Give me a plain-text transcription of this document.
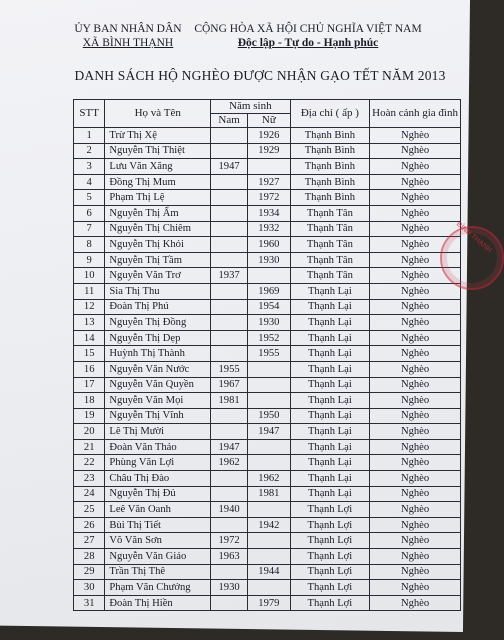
ỦY BAN NHÂN DÂN
XÃ BÌNH THẠNH
CỘNG HÒA XÃ HỘI CHỦ NGHĨA VIỆT NAM
Độc lập - Tự do - Hạnh phúc
DANH SÁCH HỘ NGHÈO ĐƯỢC NHẬN GẠO TẾT NĂM 2013
STT	Họ và Tên	Năm sinh		Địa chỉ ( ấp )	Hoàn cảnh gia đình
		Nam	Nữ		
1	Trừ Thị Xệ		1926	Thạnh Bình	Nghèo
2	Nguyễn Thị Thiệt		1929	Thạnh Bình	Nghèo
3	Lưu Văn Xăng	1947		Thạnh Bình	Nghèo
4	Đồng Thị Mum		1927	Thạnh Bình	Nghèo
5	Phạm Thị Lệ		1972	Thạnh Bình	Nghèo
6	Nguyễn Thị Ẩm		1934	Thạnh Tân	Nghèo
7	Nguyễn Thị Chiêm		1932	Thạnh Tân	Nghèo
8	Nguyễn Thị Khỏi		1960	Thạnh Tân	Nghèo
9	Nguyễn Thị Tầm		1930	Thạnh Tân	Nghèo
10	Nguyễn Văn Trơ	1937		Thạnh Tân	Nghèo
11	Sia Thị Thu		1969	Thạnh Lại	Nghèo
12	Đoàn Thị Phú		1954	Thạnh Lại	Nghèo
13	Nguyễn Thị Đồng		1930	Thạnh Lại	Nghèo
14	Nguyễn Thị Dẹp		1952	Thạnh Lại	Nghèo
15	Huỳnh Thị Thành		1955	Thạnh Lại	Nghèo
16	Nguyễn Văn Nước	1955		Thạnh Lại	Nghèo
17	Nguyễn Văn Quyền	1967		Thạnh Lại	Nghèo
18	Nguyễn Văn Mọi	1981		Thạnh Lại	Nghèo
19	Nguyễn Thị Vĩnh		1950	Thạnh Lại	Nghèo
20	Lê Thị Mười		1947	Thạnh Lại	Nghèo
21	Đoàn Văn Thảo	1947		Thạnh Lại	Nghèo
22	Phùng Văn Lợi	1962		Thạnh Lại	Nghèo
23	Châu Thị Đào		1962	Thạnh Lại	Nghèo
24	Nguyễn Thị Đủ		1981	Thạnh Lại	Nghèo
25	Leê Văn Oanh	1940		Thạnh Lợi	Nghèo
26	Bùi Thị Tiết		1942	Thạnh Lợi	Nghèo
27	Võ Văn Sơn	1972		Thạnh Lợi	Nghèo
28	Nguyễn Văn Giáo	1963		Thạnh Lợi	Nghèo
29	Trần Thị Thê		1944	Thạnh Lợi	Nghèo
30	Phạm Văn Chưởng	1930		Thạnh Lợi	Nghèo
31	Đoàn Thị Hiền		1979	Thạnh Lợi	Nghèo
BÌNH THẠNH
